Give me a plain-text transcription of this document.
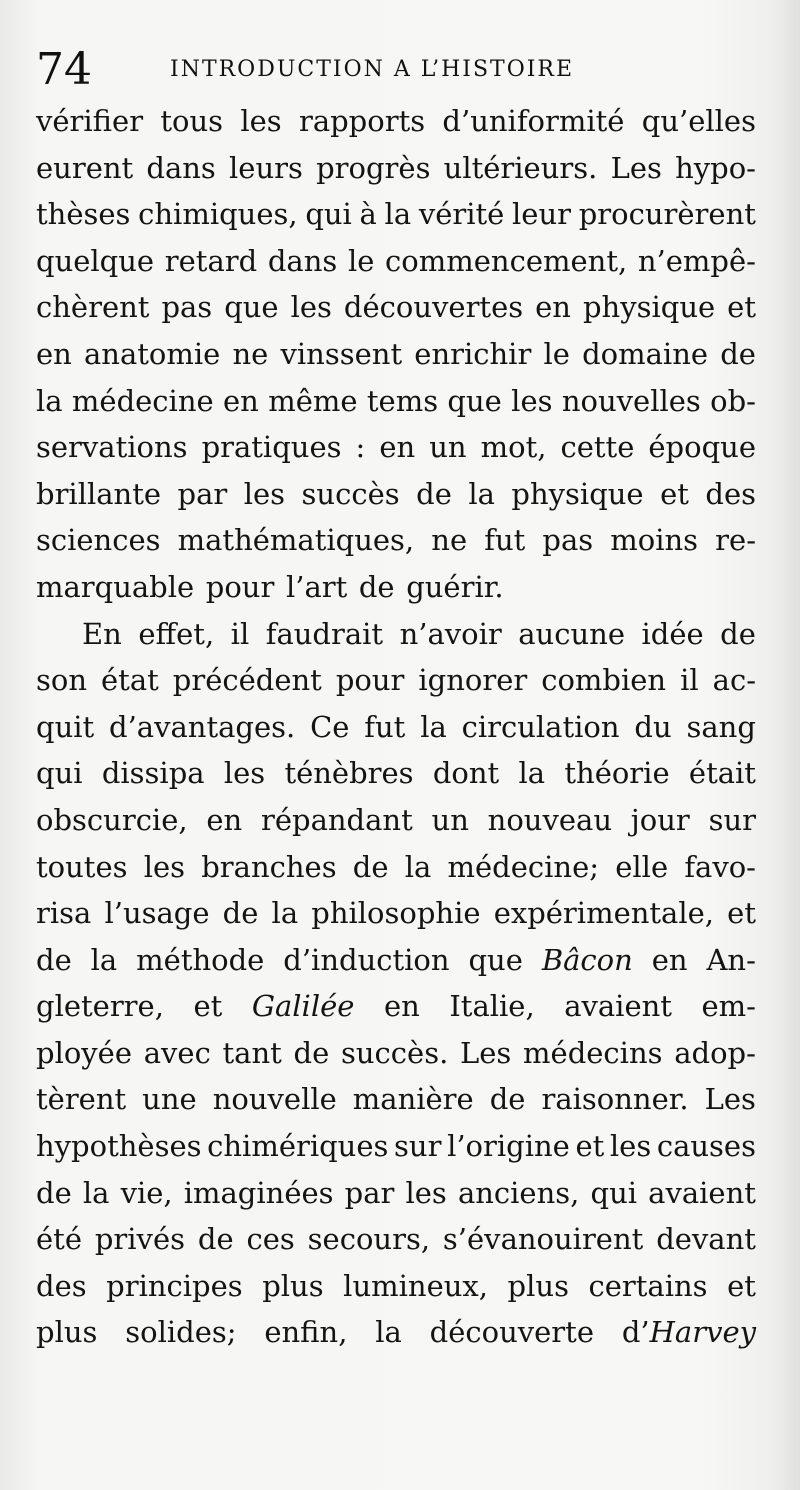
74	INTRODUCTION A L’HISTOIRE
vérifier tous les rapports d’uniformité qu’elles
eurent dans leurs progrès ultérieurs. Les hypo-
thèses chimiques, qui à la vérité leur procurèrent
quelque retard dans le commencement, n’empê-
chèrent pas que les découvertes en physique et
en anatomie ne vinssent enrichir le domaine de
la médecine en même tems que les nouvelles ob-
servations pratiques : en un mot, cette époque
brillante par les succès de la physique et des
sciences mathématiques, ne fut pas moins re-
marquable pour l’art de guérir.
En effet, il faudrait n’avoir aucune idée de
son état précédent pour ignorer combien il ac-
quit d’avantages. Ce fut la circulation du sang
qui dissipa les ténèbres dont la théorie était
obscurcie, en répandant un nouveau jour sur
toutes les branches de la médecine; elle favo-
risa l’usage de la philosophie expérimentale, et
de la méthode d’induction que Bâcon en An-
gleterre, et Galilée en Italie, avaient em-
ployée avec tant de succès. Les médecins adop-
tèrent une nouvelle manière de raisonner. Les
hypothèses chimériques sur l’origine et les causes
de la vie, imaginées par les anciens, qui avaient
été privés de ces secours, s’évanouirent devant
des principes plus lumineux, plus certains et
plus solides; enfin, la découverte d’Harvey
